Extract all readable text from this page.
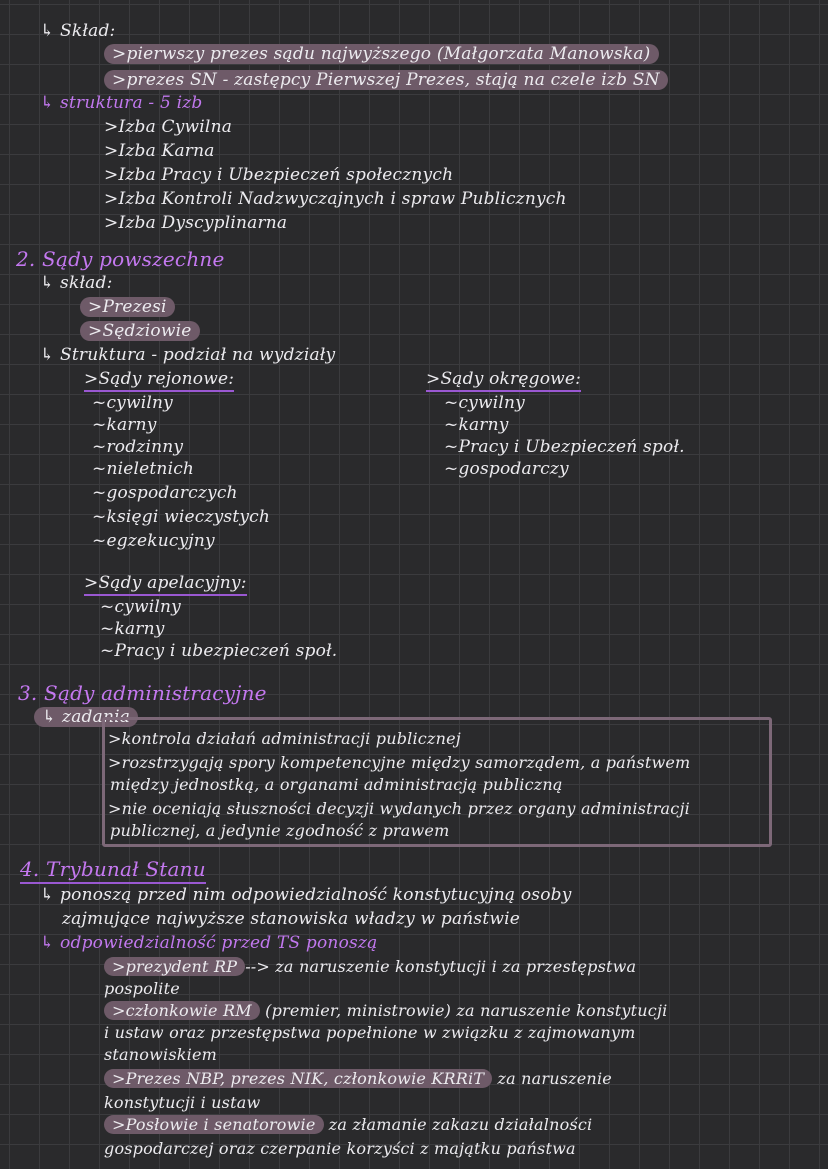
↳ Skład:
>pierwszy prezes sądu najwyższego (Małgorzata Manowska)
>prezes SN - zastępcy Pierwszej Prezes, stają na czele izb SN
↳ struktura - 5 izb
>Izba Cywilna
>Izba Karna
>Izba Pracy i Ubezpieczeń społecznych
>Izba Kontroli Nadzwyczajnych i spraw Publicznych
>Izba Dyscyplinarna
2. Sądy powszechne
↳ skład:
>Prezesi
>Sędziowie
↳ Struktura - podział na wydziały
>Sądy rejonowe:
~cywilny
~karny
~rodzinny
~nieletnich
~gospodarczych
~księgi wieczystych
~egzekucyjny
>Sądy okręgowe:
~cywilny
~karny
~Pracy i Ubezpieczeń społ.
~gospodarczy
>Sądy apelacyjny:
~cywilny
~karny
~Pracy i ubezpieczeń społ.
3. Sądy administracyjne
↳ zadania
>kontrola działań administracji publicznej
>rozstrzygają spory kompetencyjne między samorządem, a państwem
między jednostką, a organami administracją publiczną
>nie oceniają słuszności decyzji wydanych przez organy administracji
publicznej, a jedynie zgodność z prawem
4. Trybunał Stanu
↳ ponoszą przed nim odpowiedzialność konstytucyjną osoby
zajmujące najwyższe stanowiska władzy w państwie
↳ odpowiedzialność przed TS ponoszą
>prezydent RP --> za naruszenie konstytucji i za przestępstwa
pospolite
>członkowie RM (premier, ministrowie) za naruszenie konstytucji
i ustaw oraz przestępstwa popełnione w związku z zajmowanym
stanowiskiem
>Prezes NBP, prezes NIK, członkowie KRRiT za naruszenie
konstytucji i ustaw
>Posłowie i senatorowie za złamanie zakazu działalności
gospodarczej oraz czerpanie korzyści z majątku państwa
